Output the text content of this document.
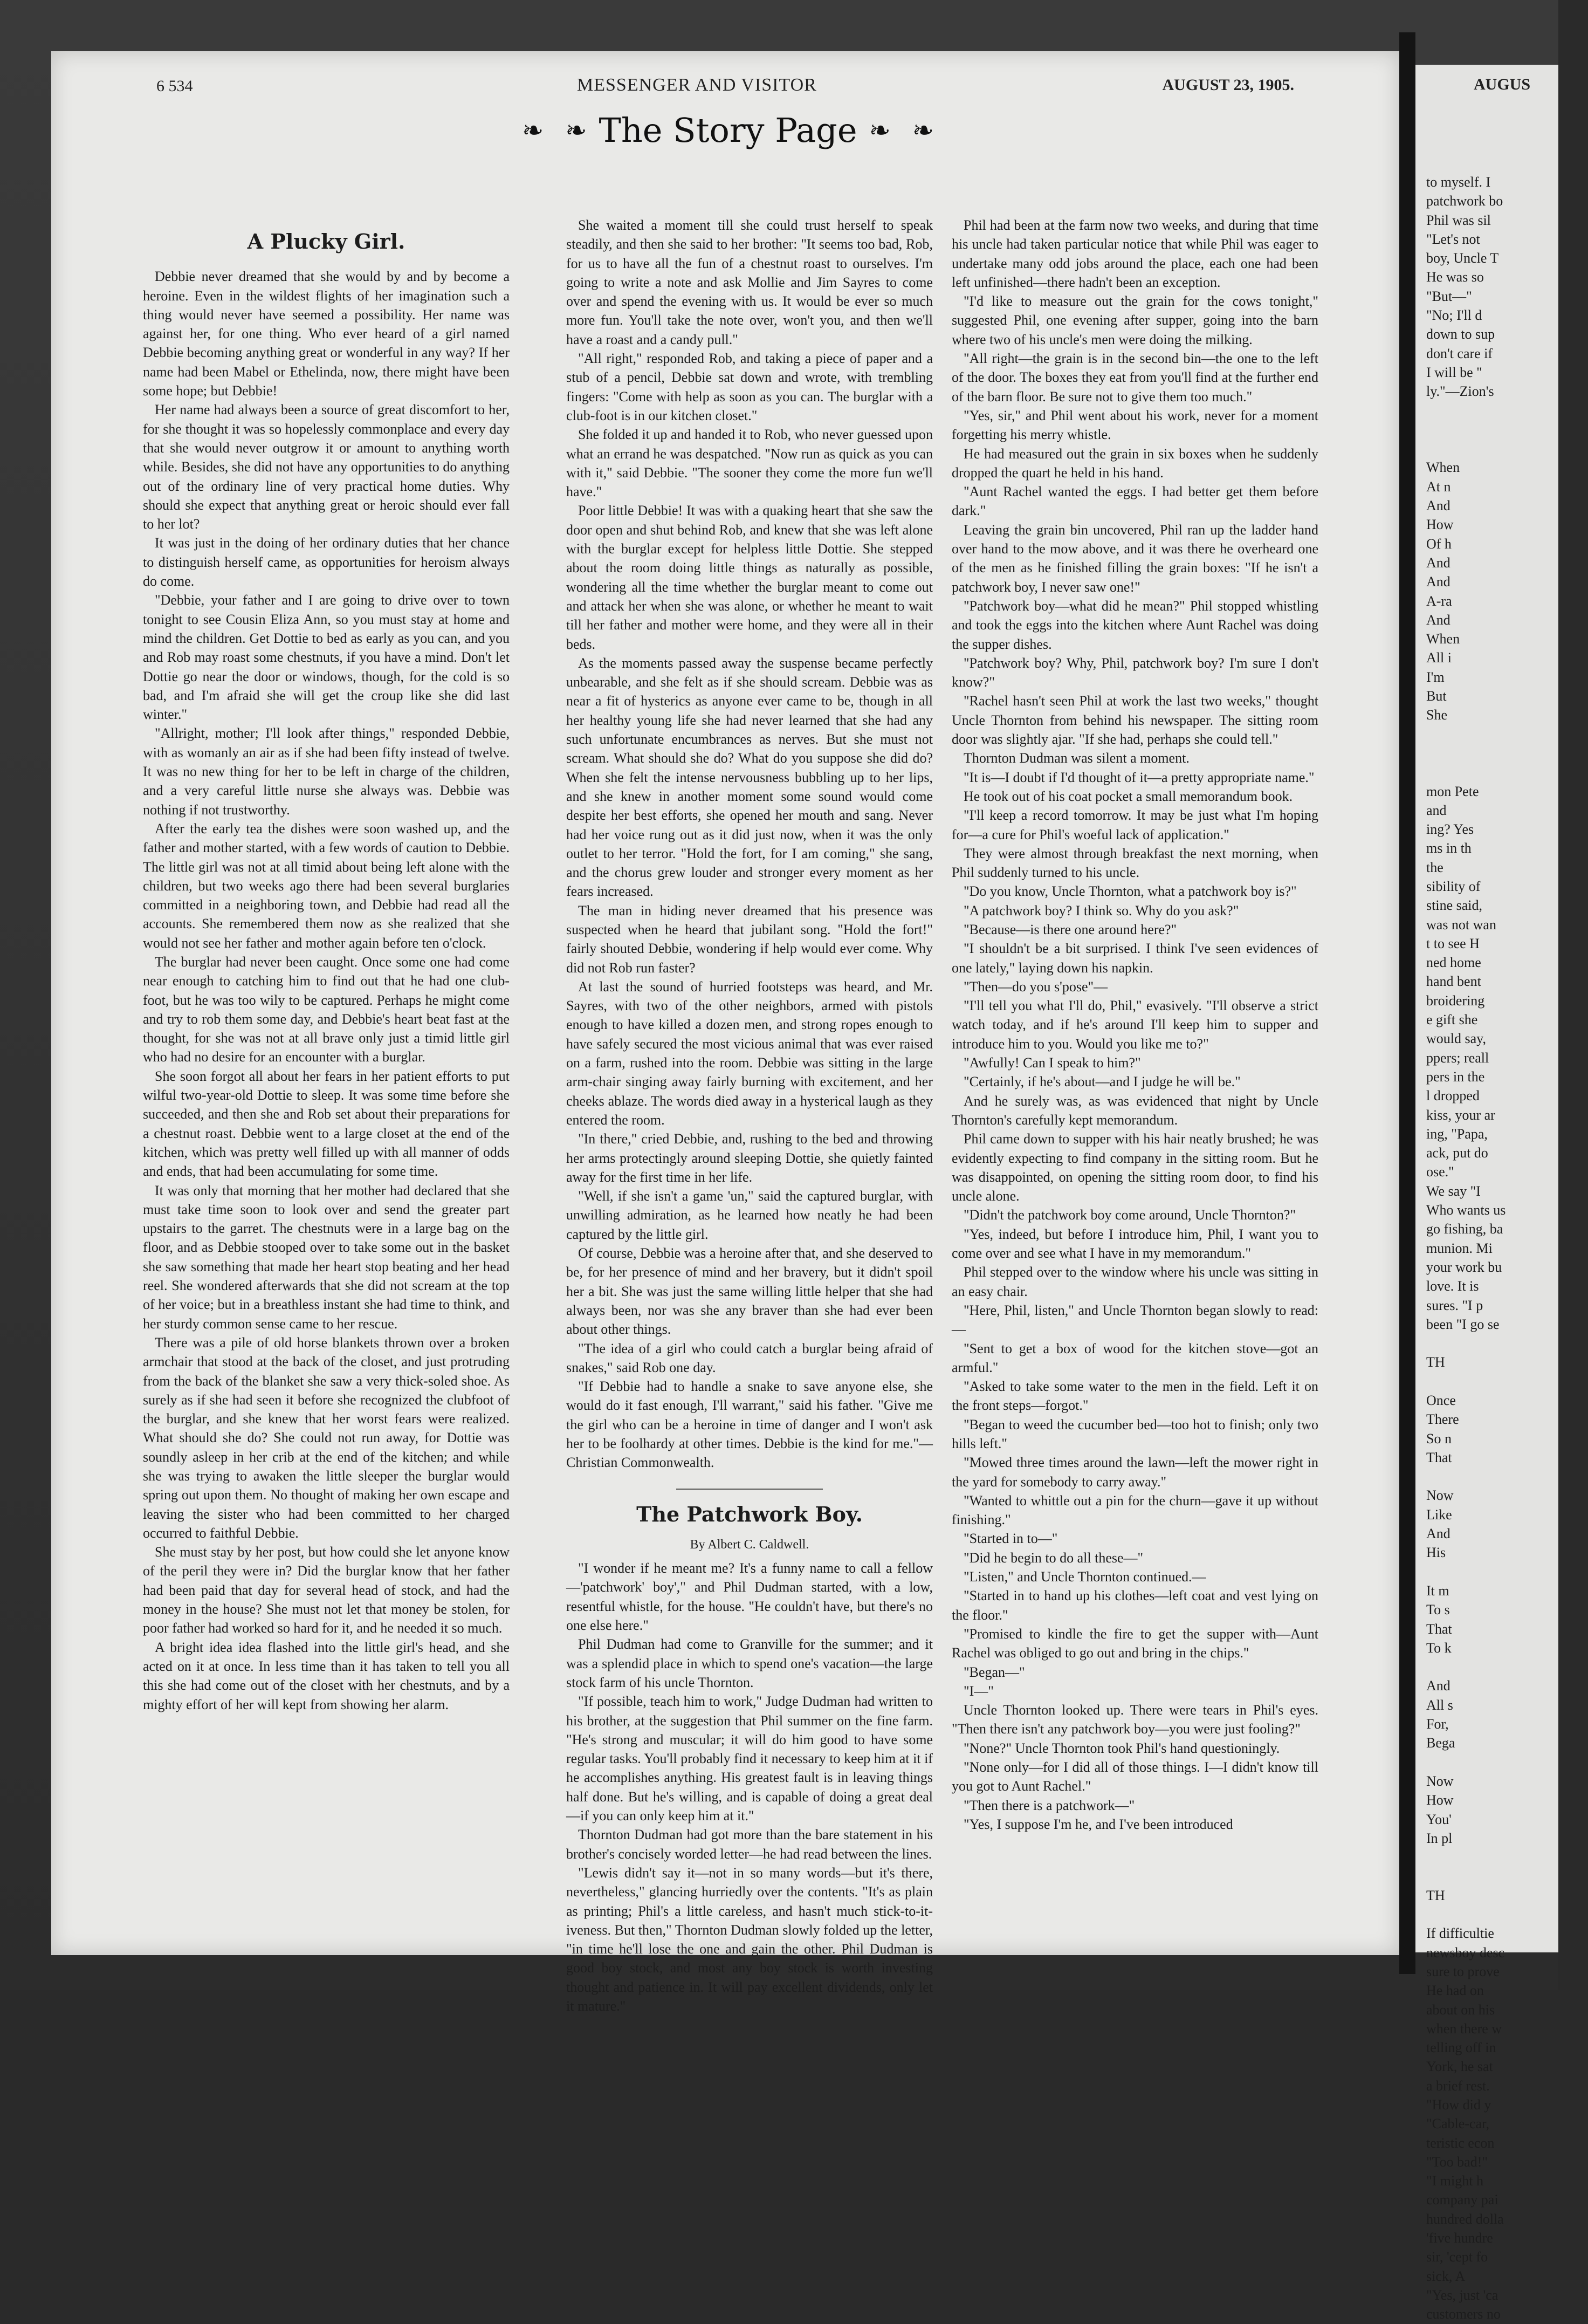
6 534	MESSENGER AND VISITOR	AUGUST 23, 1905.
❧ ❧ The Story Page ❧ ❧
A Plucky Girl.

Debbie never dreamed that she would by and by become a heroine. Even in the wildest flights of her imagination such a thing would never have seemed a possibility. Her name was against her, for one thing. Who ever heard of a girl named Debbie becoming anything great or wonderful in any way? If her name had been Mabel or Ethelinda, now, there might have been some hope; but Debbie!

Her name had always been a source of great discomfort to her, for she thought it was so hopelessly commonplace and every day that she would never outgrow it or amount to anything worth while. Besides, she did not have any opportunities to do anything out of the ordinary line of very practical home duties. Why should she expect that anything great or heroic should ever fall to her lot?

It was just in the doing of her ordinary duties that her chance to distinguish herself came, as opportunities for heroism always do come.

"Debbie, your father and I are going to drive over to town tonight to see Cousin Eliza Ann, so you must stay at home and mind the children. Get Dottie to bed as early as you can, and you and Rob may roast some chestnuts, if you have a mind. Don't let Dottie go near the door or windows, though, for the cold is so bad, and I'm afraid she will get the croup like she did last winter."

"Allright, mother; I'll look after things," responded Debbie, with as womanly an air as if she had been fifty instead of twelve. It was no new thing for her to be left in charge of the children, and a very careful little nurse she always was. Debbie was nothing if not trustworthy.

After the early tea the dishes were soon washed up, and the father and mother started, with a few words of caution to Debbie. The little girl was not at all timid about being left alone with the children, but two weeks ago there had been several burglaries committed in a neighboring town, and Debbie had read all the accounts. She remembered them now as she realized that she would not see her father and mother again before ten o'clock.

The burglar had never been caught. Once some one had come near enough to catching him to find out that he had one club-foot, but he was too wily to be captured. Perhaps he might come and try to rob them some day, and Debbie's heart beat fast at the thought, for she was not at all brave only just a timid little girl who had no desire for an encounter with a burglar.

She soon forgot all about her fears in her patient efforts to put wilful two-year-old Dottie to sleep. It was some time before she succeeded, and then she and Rob set about their preparations for a chestnut roast. Debbie went to a large closet at the end of the kitchen, which was pretty well filled up with all manner of odds and ends, that had been accumulating for some time.

It was only that morning that her mother had declared that she must take time soon to look over and send the greater part upstairs to the garret. The chestnuts were in a large bag on the floor, and as Debbie stooped over to take some out in the basket she saw something that made her heart stop beating and her head reel. She wondered afterwards that she did not scream at the top of her voice; but in a breathless instant she had time to think, and her sturdy common sense came to her rescue.

There was a pile of old horse blankets thrown over a broken armchair that stood at the back of the closet, and just protruding from the back of the blanket she saw a very thick-soled shoe. As surely as if she had seen it before she recognized the clubfoot of the burglar, and she knew that her worst fears were realized. What should she do? She could not run away, for Dottie was soundly asleep in her crib at the end of the kitchen; and while she was trying to awaken the little sleeper the burglar would spring out upon them. No thought of making her own escape and leaving the sister who had been committed to her charged occurred to faithful Debbie.

She must stay by her post, but how could she let anyone know of the peril they were in? Did the burglar know that her father had been paid that day for several head of stock, and had the money in the house? She must not let that money be stolen, for poor father had worked so hard for it, and he needed it so much.

A bright idea idea flashed into the little girl's head, and she acted on it at once. In less time than it has taken to tell you all this she had come out of the closet with her chestnuts, and by a mighty effort of her will kept from showing her alarm.

She waited a moment till she could trust herself to speak steadily, and then she said to her brother: "It seems too bad, Rob, for us to have all the fun of a chestnut roast to ourselves. I'm going to write a note and ask Mollie and Jim Sayres to come over and spend the evening with us. It would be ever so much more fun. You'll take the note over, won't you, and then we'll have a roast and a candy pull."

"All right," responded Rob, and taking a piece of paper and a stub of a pencil, Debbie sat down and wrote, with trembling fingers: "Come with help as soon as you can. The burglar with a club-foot is in our kitchen closet."

She folded it up and handed it to Rob, who never guessed upon what an errand he was despatched. "Now run as quick as you can with it," said Debbie. "The sooner they come the more fun we'll have."

Poor little Debbie! It was with a quaking heart that she saw the door open and shut behind Rob, and knew that she was left alone with the burglar except for helpless little Dottie. She stepped about the room doing little things as naturally as possible, wondering all the time whether the burglar meant to come out and attack her when she was alone, or whether he meant to wait till her father and mother were home, and they were all in their beds.

As the moments passed away the suspense became perfectly unbearable, and she felt as if she should scream. Debbie was as near a fit of hysterics as anyone ever came to be, though in all her healthy young life she had never learned that she had any such unfortunate encumbrances as nerves. But she must not scream. What should she do? What do you suppose she did do? When she felt the intense nervousness bubbling up to her lips, and she knew in another moment some sound would come despite her best efforts, she opened her mouth and sang. Never had her voice rung out as it did just now, when it was the only outlet to her terror. "Hold the fort, for I am coming," she sang, and the chorus grew louder and stronger every moment as her fears increased.

The man in hiding never dreamed that his presence was suspected when he heard that jubilant song. "Hold the fort!" fairly shouted Debbie, wondering if help would ever come. Why did not Rob run faster?

At last the sound of hurried footsteps was heard, and Mr. Sayres, with two of the other neighbors, armed with pistols enough to have killed a dozen men, and strong ropes enough to have safely secured the most vicious animal that was ever raised on a farm, rushed into the room. Debbie was sitting in the large arm-chair singing away fairly burning with excitement, and her cheeks ablaze. The words died away in a hysterical laugh as they entered the room.

"In there," cried Debbie, and, rushing to the bed and throwing her arms protectingly around sleeping Dottie, she quietly fainted away for the first time in her life.

"Well, if she isn't a game 'un," said the captured burglar, with unwilling admiration, as he learned how neatly he had been captured by the little girl.

Of course, Debbie was a heroine after that, and she deserved to be, for her presence of mind and her bravery, but it didn't spoil her a bit. She was just the same willing little helper that she had always been, nor was she any braver than she had ever been about other things.

"The idea of a girl who could catch a burglar being afraid of snakes," said Rob one day.

"If Debbie had to handle a snake to save anyone else, she would do it fast enough, I'll warrant," said his father. "Give me the girl who can be a heroine in time of danger and I won't ask her to be foolhardy at other times. Debbie is the kind for me."—Christian Commonwealth.

The Patchwork Boy.
By Albert C. Caldwell.

"I wonder if he meant me? It's a funny name to call a fellow—'patchwork' boy'," and Phil Dudman started, with a low, resentful whistle, for the house. "He couldn't have, but there's no one else here."

Phil Dudman had come to Granville for the summer; and it was a splendid place in which to spend one's vacation—the large stock farm of his uncle Thornton.

"If possible, teach him to work," Judge Dudman had written to his brother, at the suggestion that Phil summer on the fine farm. "He's strong and muscular; it will do him good to have some regular tasks. You'll probably find it necessary to keep him at it if he accomplishes anything. His greatest fault is in leaving things half done. But he's willing, and is capable of doing a great deal—if you can only keep him at it."

Thornton Dudman had got more than the bare statement in his brother's concisely worded letter—he had read between the lines.

"Lewis didn't say it—not in so many words—but it's there, nevertheless," glancing hurriedly over the contents. "It's as plain as printing; Phil's a little careless, and hasn't much stick-to-it-iveness. But then," Thornton Dudman slowly folded up the letter, "in time he'll lose the one and gain the other. Phil Dudman is good boy stock, and most any boy stock is worth investing thought and patience in. It will pay excellent dividends, only let it mature."

Phil had been at the farm now two weeks, and during that time his uncle had taken particular notice that while Phil was eager to undertake many odd jobs around the place, each one had been left unfinished—there hadn't been an exception.

"I'd like to measure out the grain for the cows tonight," suggested Phil, one evening after supper, going into the barn where two of his uncle's men were doing the milking.

"All right—the grain is in the second bin—the one to the left of the door. The boxes they eat from you'll find at the further end of the barn floor. Be sure not to give them too much."

"Yes, sir," and Phil went about his work, never for a moment forgetting his merry whistle.

He had measured out the grain in six boxes when he suddenly dropped the quart he held in his hand.

"Aunt Rachel wanted the eggs. I had better get them before dark."

Leaving the grain bin uncovered, Phil ran up the ladder hand over hand to the mow above, and it was there he overheard one of the men as he finished filling the grain boxes: "If he isn't a patchwork boy, I never saw one!"

"Patchwork boy—what did he mean?" Phil stopped whistling and took the eggs into the kitchen where Aunt Rachel was doing the supper dishes.

"Patchwork boy? Why, Phil, patchwork boy? I'm sure I don't know?"

"Rachel hasn't seen Phil at work the last two weeks," thought Uncle Thornton from behind his newspaper. The sitting room door was slightly ajar. "If she had, perhaps she could tell."

Thornton Dudman was silent a moment.

"It is—I doubt if I'd thought of it—a pretty appropriate name."

He took out of his coat pocket a small memorandum book.

"I'll keep a record tomorrow. It may be just what I'm hoping for—a cure for Phil's woeful lack of application."

They were almost through breakfast the next morning, when Phil suddenly turned to his uncle.

"Do you know, Uncle Thornton, what a patchwork boy is?"

"A patchwork boy? I think so. Why do you ask?"

"Because—is there one around here?"

"I shouldn't be a bit surprised. I think I've seen evidences of one lately," laying down his napkin.

"Then—do you s'pose"—

"I'll tell you what I'll do, Phil," evasively. "I'll observe a strict watch today, and if he's around I'll keep him to supper and introduce him to you. Would you like me to?"

"Awfully! Can I speak to him?"

"Certainly, if he's about—and I judge he will be."

And he surely was, as was evidenced that night by Uncle Thornton's carefully kept memorandum.

Phil came down to supper with his hair neatly brushed; he was evidently expecting to find company in the sitting room. But he was disappointed, on opening the sitting room door, to find his uncle alone.

"Didn't the patchwork boy come around, Uncle Thornton?"

"Yes, indeed, but before I introduce him, Phil, I want you to come over and see what I have in my memorandum."

Phil stepped over to the window where his uncle was sitting in an easy chair.

"Here, Phil, listen," and Uncle Thornton began slowly to read:—

"Sent to get a box of wood for the kitchen stove—got an armful."

"Asked to take some water to the men in the field. Left it on the front steps—forgot."

"Began to weed the cucumber bed—too hot to finish; only two hills left."

"Mowed three times around the lawn—left the mower right in the yard for somebody to carry away."

"Wanted to whittle out a pin for the churn—gave it up without finishing."

"Started in to—"

"Did he begin to do all these—"

"Listen," and Uncle Thornton continued.—

"Started in to hand up his clothes—left coat and vest lying on the floor."

"Promised to kindle the fire to get the supper with—Aunt Rachel was obliged to go out and bring in the chips."

"Began—"

"I—"

Uncle Thornton looked up. There were tears in Phil's eyes. "Then there isn't any patchwork boy—you were just fooling?"

"None?" Uncle Thornton took Phil's hand questioningly.

"None only—for I did all of those things. I—I didn't know till you got to Aunt Rachel."

"Then there is a patchwork—"

"Yes, I suppose I'm he, and I've been introduced

AUGUS

to myself. I

patchwork bo

Phil was sil

"Let's not

boy, Uncle T

He was so

"But—"

"No; I'll d

down to sup

don't care if

I will be "

ly."—Zion's

When

At n

And

How

Of h

And

And

A-ra

And

When

All i

I'm

But

She

mon Pete

and

ing? Yes

ms in th

the

sibility of

stine said,

was not wan

t to see H

ned home

hand bent

broidering

e gift she

would say,

ppers; reall

pers in the

l dropped

kiss, your ar

ing, "Papa,

ack, put do

ose."

We say "I

Who wants us

go fishing, ba

munion. Mi

your work bu

love. It is

sures. "I p

been "I go se

TH

Once

There

So n

That

Now

Like

And

His

It m

To s

That

To k

And

All s

For,

Bega

Now

How

You'

In pl

TH

If difficultie

newsboy desc

sure to prove

He had on

about on his

when there w

telling off in

York, he sat

a brief rest.

"How did y

"Cable-car,

teristic econ

"Too bad!"

"I might h

company pai

hundred dolla

'five hundre

sir, 'cept fo

sick, A

"Yes, just 'ca

customers no
